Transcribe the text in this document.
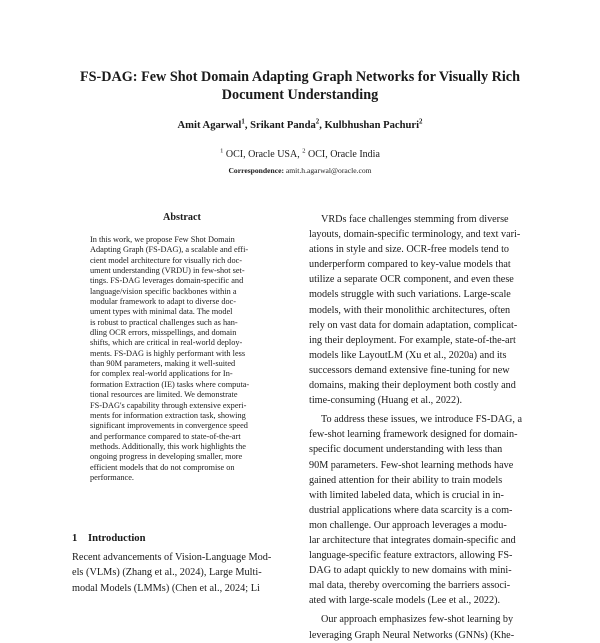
FS-DAG: Few Shot Domain Adapting Graph Networks for Visually Rich
Document Understanding
Amit Agarwal$^1$, Srikant Panda$^2$, Kulbhushan Pachuri$^2$
$^1$ OCI, Oracle USA, $^2$ OCI, Oracle India
Correspondence: amit.h.agarwal@oracle.com
Abstract
In this work, we propose Few Shot Domain
Adapting Graph (FS-DAG), a scalable and effi-
cient model architecture for visually rich doc-
ument understanding (VRDU) in few-shot set-
tings. FS-DAG leverages domain-specific and
language/vision specific backbones within a
modular framework to adapt to diverse doc-
ument types with minimal data. The model
is robust to practical challenges such as han-
dling OCR errors, misspellings, and domain
shifts, which are critical in real-world deploy-
ments. FS-DAG is highly performant with less
than 90M parameters, making it well-suited
for complex real-world applications for In-
formation Extraction (IE) tasks where computa-
tional resources are limited. We demonstrate
FS-DAG's capability through extensive experi-
ments for information extraction task, showing
significant improvements in convergence speed
and performance compared to state-of-the-art
methods. Additionally, this work highlights the
ongoing progress in developing smaller, more
efficient models that do not compromise on
performance.
1 Introduction
Recent advancements of Vision-Language Mod-
els (VLMs) (Zhang et al., 2024), Large Multi-
modal Models (LMMs) (Chen et al., 2024; Li
VRDs face challenges stemming from diverse
layouts, domain-specific terminology, and text vari-
ations in style and size. OCR-free models tend to
underperform compared to key-value models that
utilize a separate OCR component, and even these
models struggle with such variations. Large-scale
models, with their monolithic architectures, often
rely on vast data for domain adaptation, complicat-
ing their deployment. For example, state-of-the-art
models like LayoutLM (Xu et al., 2020a) and its
successors demand extensive fine-tuning for new
domains, making their deployment both costly and
time-consuming (Huang et al., 2022).
To address these issues, we introduce FS-DAG, a
few-shot learning framework designed for domain-
specific document understanding with less than
90M parameters. Few-shot learning methods have
gained attention for their ability to train models
with limited labeled data, which is crucial in in-
dustrial applications where data scarcity is a com-
mon challenge. Our approach leverages a modu-
lar architecture that integrates domain-specific and
language-specific feature extractors, allowing FS-
DAG to adapt quickly to new domains with mini-
mal data, thereby overcoming the barriers associ-
ated with large-scale models (Lee et al., 2022).
Our approach emphasizes few-shot learning by
leveraging Graph Neural Networks (GNNs) (Khe-
